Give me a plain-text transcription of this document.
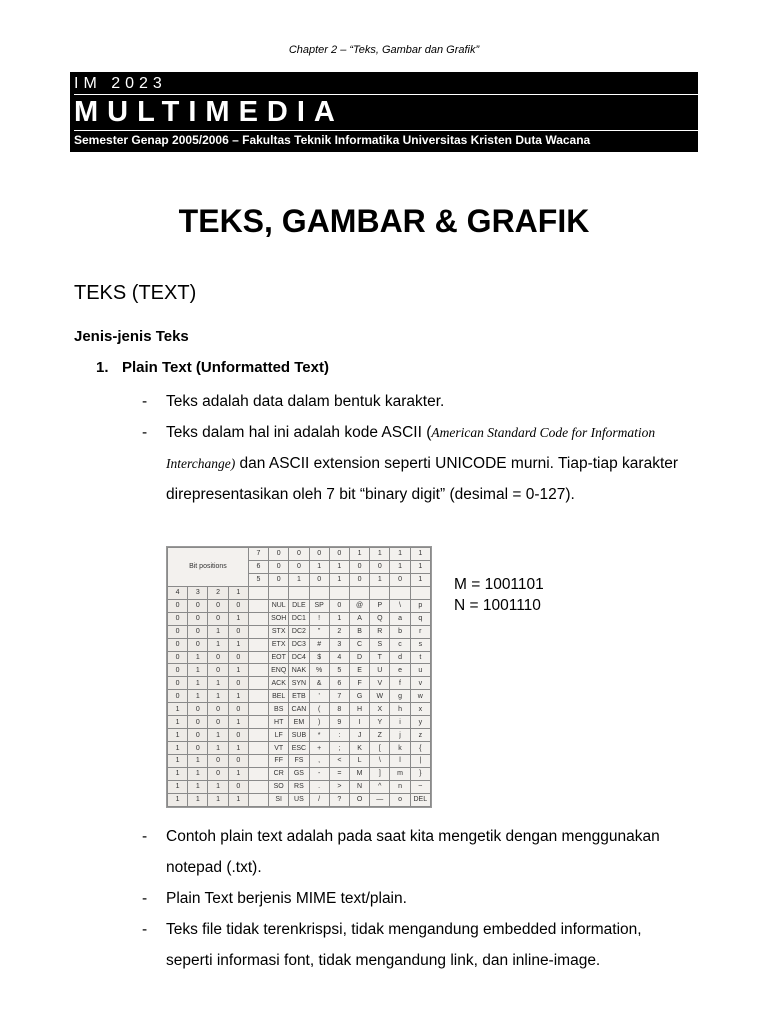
Chapter 2 – “Teks, Gambar dan Grafik”
IM 2023
MULTIMEDIA
Semester Genap 2005/2006 – Fakultas Teknik Informatika Universitas Kristen Duta Wacana
TEKS, GAMBAR & GRAFIK
TEKS (TEXT)
Jenis-jenis Teks
1. Plain Text (Unformatted Text)
- Teks adalah data dalam bentuk karakter.
- Teks dalam hal ini adalah kode ASCII (American Standard Code for Information Interchange) dan ASCII extension seperti UNICODE murni. Tiap-tiap karakter direpresentasikan oleh 7 bit “binary digit” (desimal = 0-127).
Bit positions				7	0	0	0	0	1	1	1	1
				6	0	0	1	1	0	0	1	1
				5	0	1	0	1	0	1	0	1
4	3	2	1									
0	0	0	0		NUL	DLE	SP	0	@	P	\	p
0	0	0	1		SOH	DC1	!	1	A	Q	a	q
0	0	1	0		STX	DC2	"	2	B	R	b	r
0	0	1	1		ETX	DC3	#	3	C	S	c	s
0	1	0	0		EOT	DC4	$	4	D	T	d	t
0	1	0	1		ENQ	NAK	%	5	E	U	e	u
0	1	1	0		ACK	SYN	&	6	F	V	f	v
0	1	1	1		BEL	ETB	'	7	G	W	g	w
1	0	0	0		BS	CAN	(	8	H	X	h	x
1	0	0	1		HT	EM	)	9	I	Y	i	y
1	0	1	0		LF	SUB	*	:	J	Z	j	z
1	0	1	1		VT	ESC	+	;	K	[	k	{
1	1	0	0		FF	FS	,	<	L	\	l	|
1	1	0	1		CR	GS	-	=	M	]	m	}
1	1	1	0		SO	RS	.	>	N	^	n	~
1	1	1	1		SI	US	/	?	O	—	o	DEL
M = 1001101
N = 1001110
- Contoh plain text adalah pada saat kita mengetik dengan menggunakan notepad (.txt).
- Plain Text berjenis MIME text/plain.
- Teks file tidak terenkrispsi, tidak mengandung embedded information, seperti informasi font, tidak mengandung link, dan inline-image.
